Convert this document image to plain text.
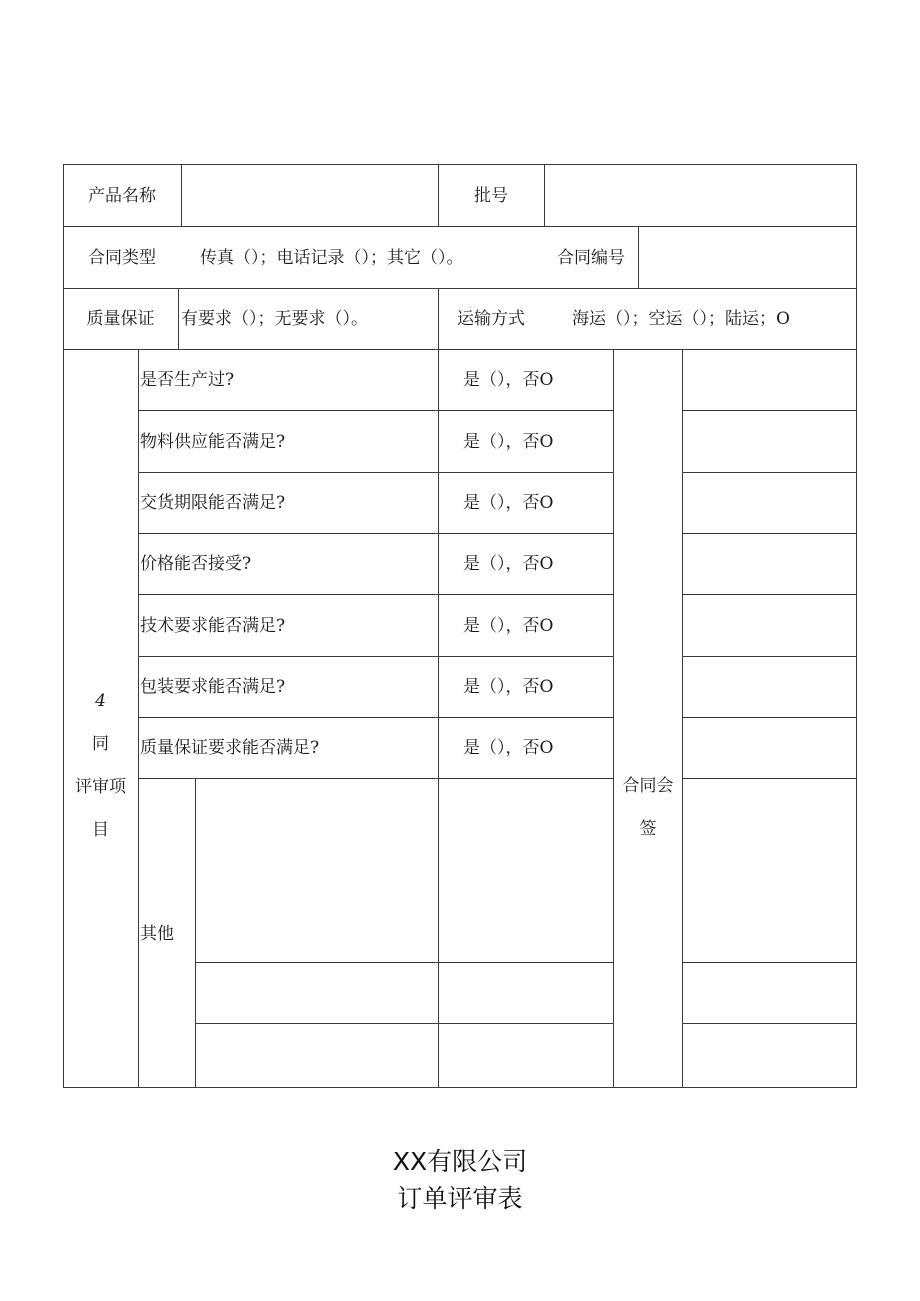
产品名称	批号
合同类型	传真（）；电话记录（）；其它（）。	合同编号
质量保证	有要求（）；无要求（）。	运输方式	海运（）；空运（）；陆运；O
4
同
评审项
目
是否生产过?	是（），否O
物料供应能否满足?	是（），否O
交货期限能否满足?	是（），否O
价格能否接受?	是（），否O
技术要求能否满足?	是（），否O
包装要求能否满足?	是（），否O
质量保证要求能否满足?	是（），否O
其他
合同会
签
XX有限公司
订单评审表
